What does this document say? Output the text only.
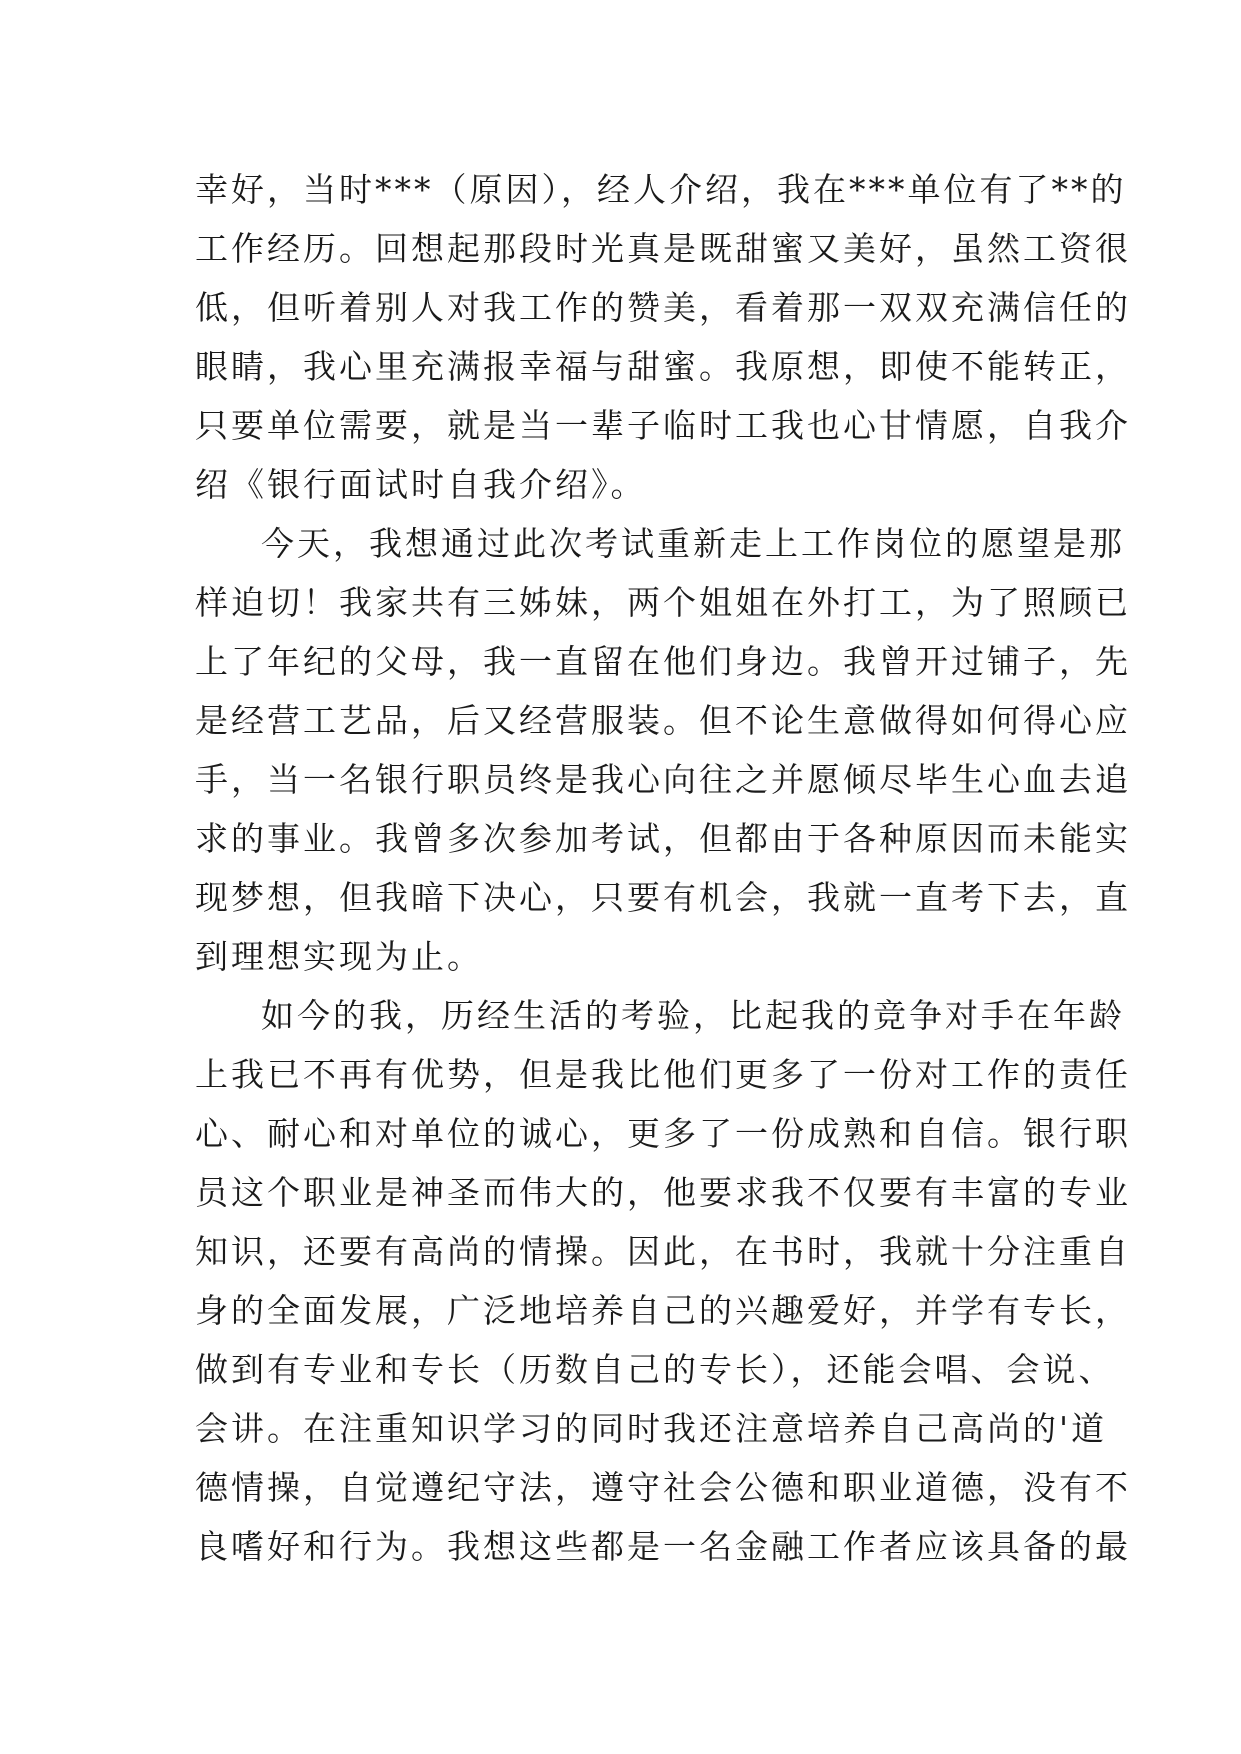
幸好，当时***（原因），经人介绍，我在***单位有了**的
工作经历。回想起那段时光真是既甜蜜又美好，虽然工资很
低，但听着别人对我工作的赞美，看着那一双双充满信任的
眼睛，我心里充满报幸福与甜蜜。我原想，即使不能转正，
只要单位需要，就是当一辈子临时工我也心甘情愿，自我介
绍《银行面试时自我介绍》。
今天，我想通过此次考试重新走上工作岗位的愿望是那
样迫切！我家共有三姊妹，两个姐姐在外打工，为了照顾已
上了年纪的父母，我一直留在他们身边。我曾开过铺子，先
是经营工艺品，后又经营服装。但不论生意做得如何得心应
手，当一名银行职员终是我心向往之并愿倾尽毕生心血去追
求的事业。我曾多次参加考试，但都由于各种原因而未能实
现梦想，但我暗下决心，只要有机会，我就一直考下去，直
到理想实现为止。
如今的我，历经生活的考验，比起我的竞争对手在年龄
上我已不再有优势，但是我比他们更多了一份对工作的责任
心、耐心和对单位的诚心，更多了一份成熟和自信。银行职
员这个职业是神圣而伟大的，他要求我不仅要有丰富的专业
知识，还要有高尚的情操。因此，在书时，我就十分注重自
身的全面发展，广泛地培养自己的兴趣爱好，并学有专长，
做到有专业和专长（历数自己的专长），还能会唱、会说、
会讲。在注重知识学习的同时我还注意培养自己高尚的'道
德情操，自觉遵纪守法，遵守社会公德和职业道德，没有不
良嗜好和行为。我想这些都是一名金融工作者应该具备的最
